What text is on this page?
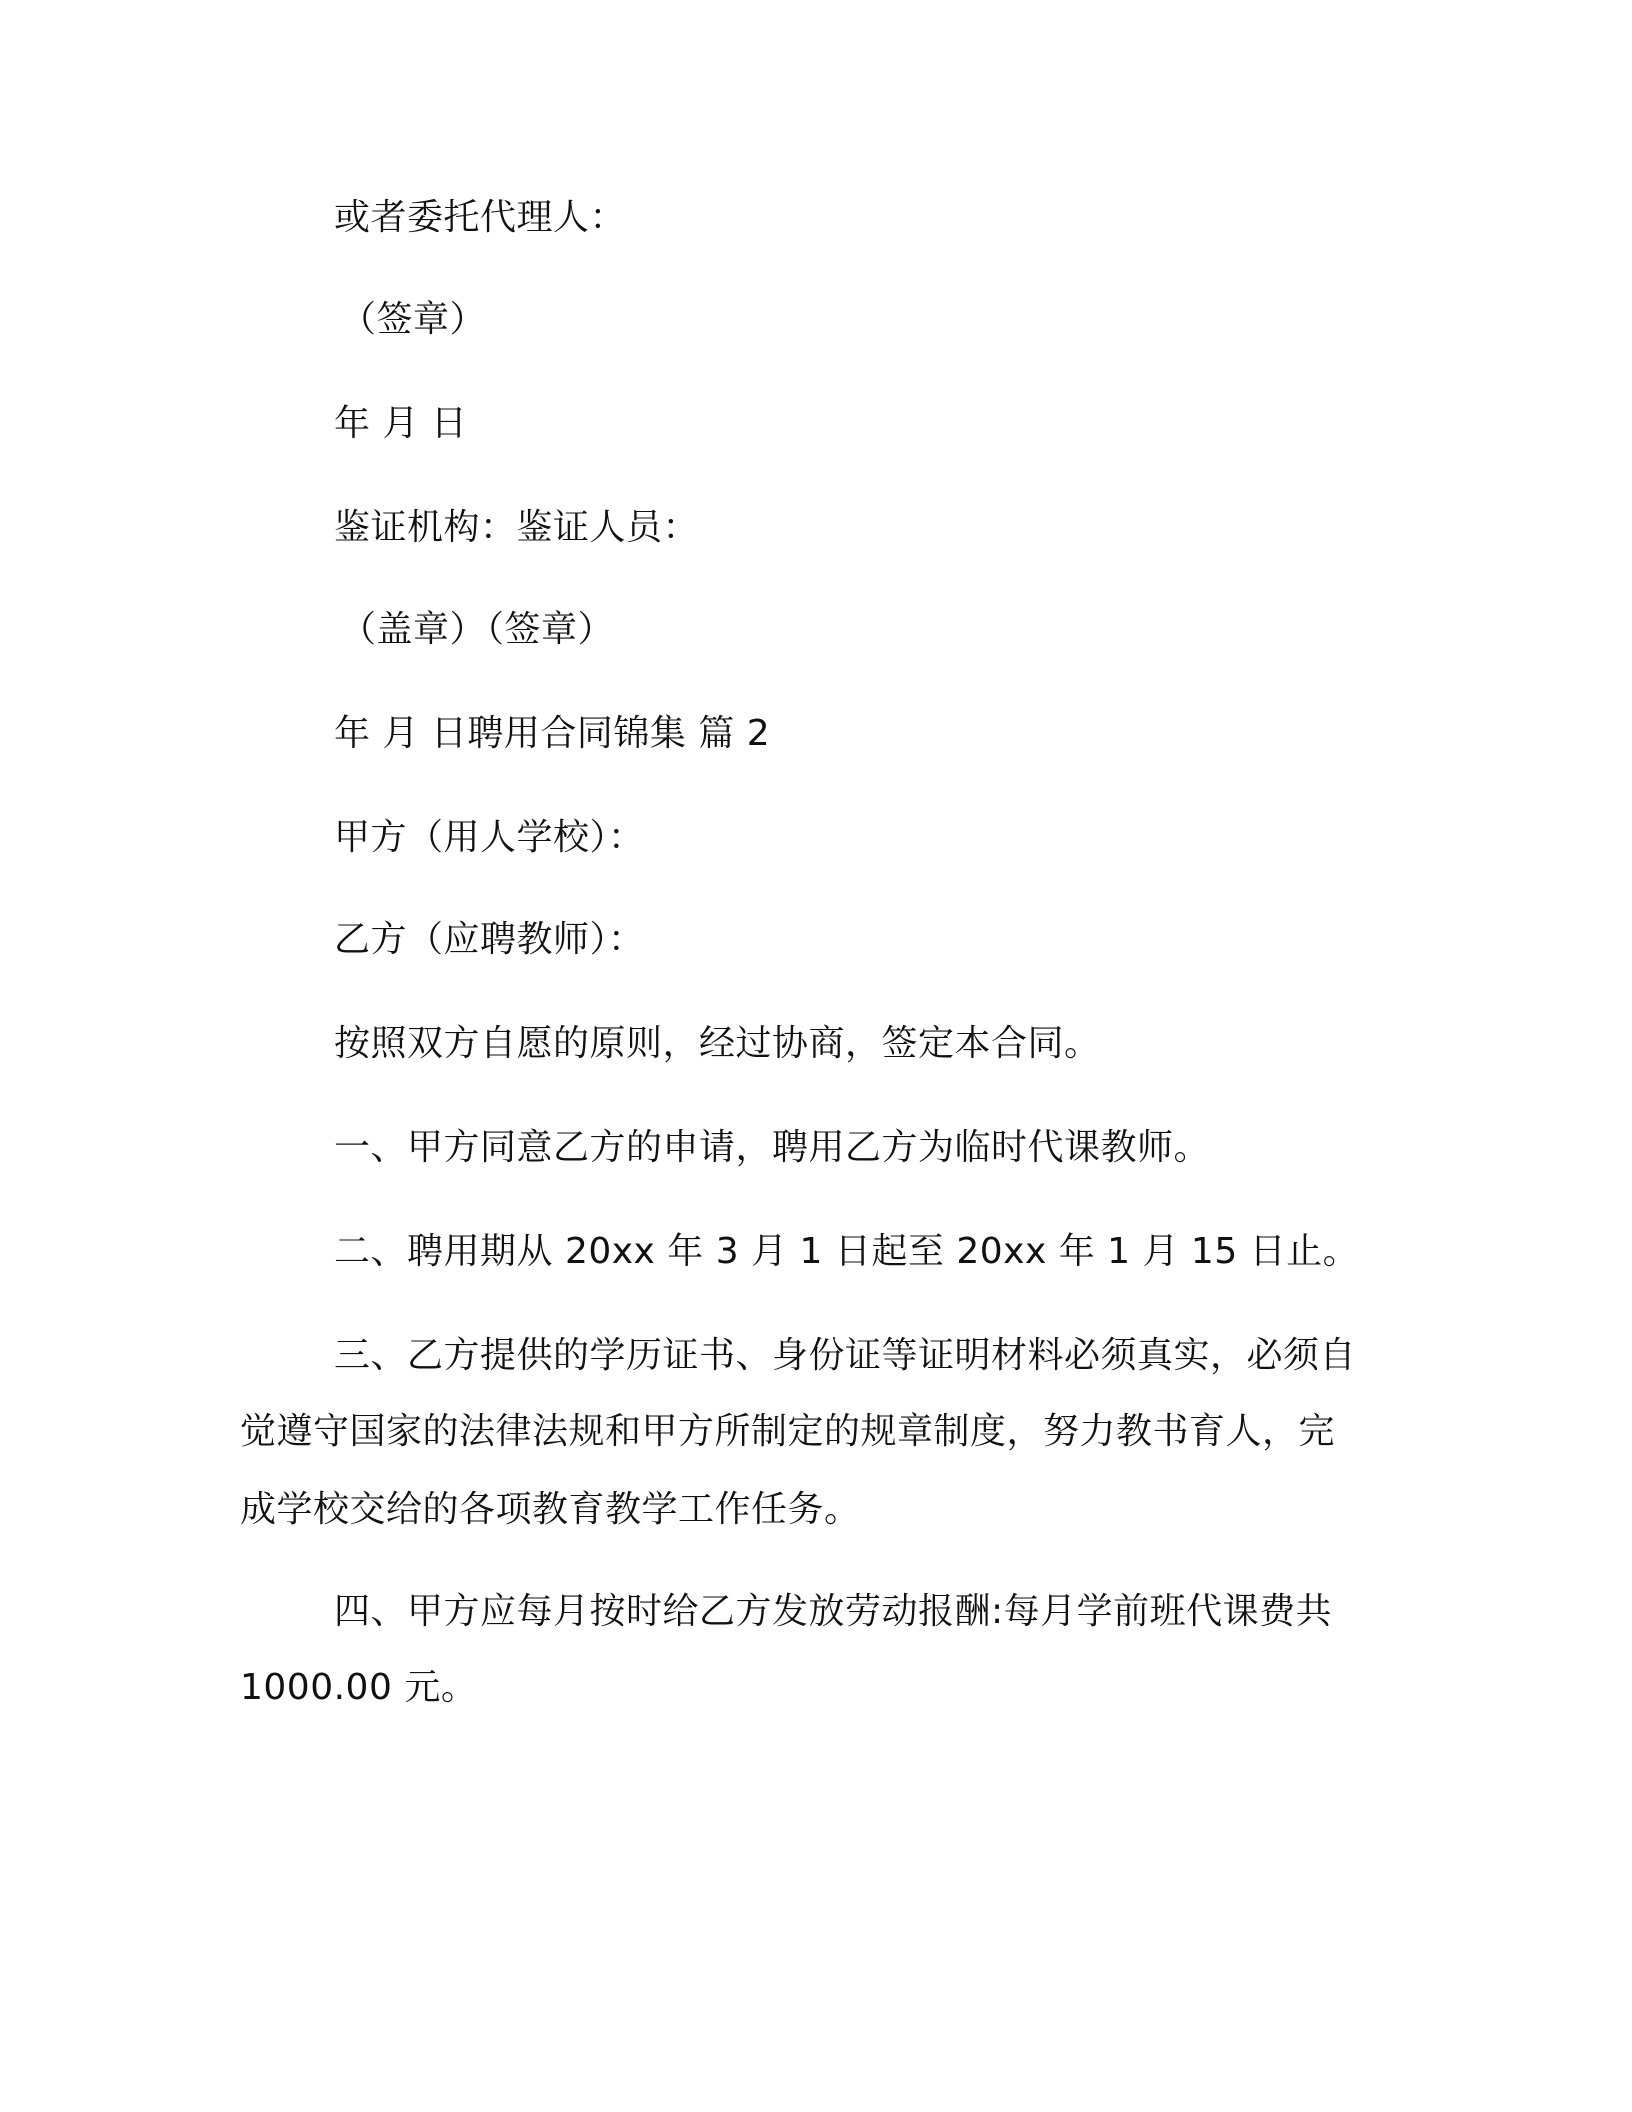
或者委托代理人：
（签章）
年 月 日
鉴证机构：鉴证人员：
（盖章）（签章）
年 月 日聘用合同锦集 篇 2
甲方（用人学校）：
乙方（应聘教师）：
按照双方自愿的原则，经过协商，签定本合同。
一、甲方同意乙方的申请，聘用乙方为临时代课教师。
二、聘用期从 20xx 年 3 月 1 日起至 20xx 年 1 月 15 日止。
三、乙方提供的学历证书、身份证等证明材料必须真实，必须自
觉遵守国家的法律法规和甲方所制定的规章制度，努力教书育人，完
成学校交给的各项教育教学工作任务。
四、甲方应每月按时给乙方发放劳动报酬:每月学前班代课费共
1000.00 元。
